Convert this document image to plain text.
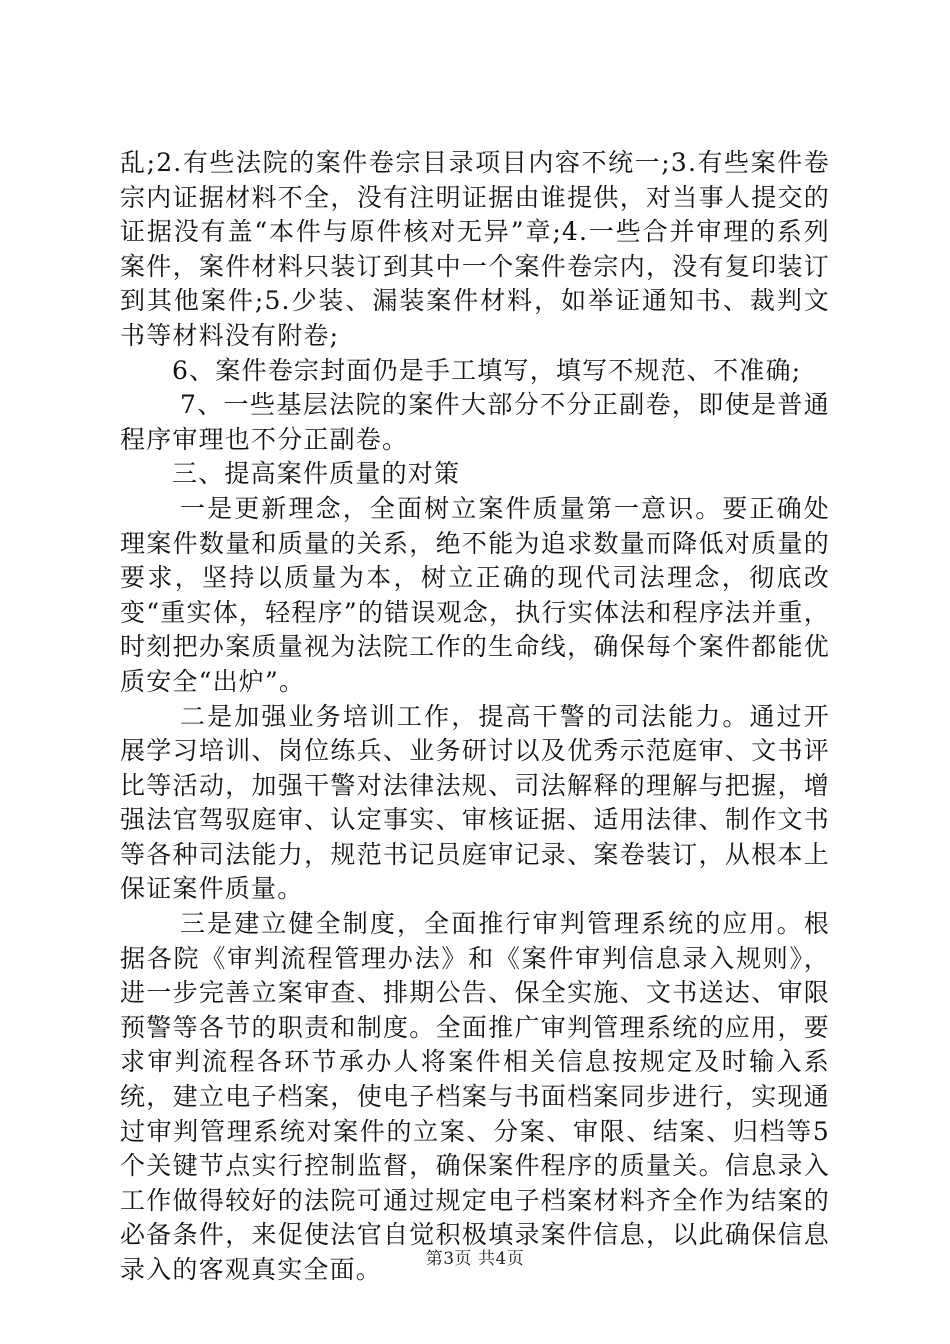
乱;2.有些法院的案件卷宗目录项目内容不统一;3.有些案件卷宗内证据材料不全，没有注明证据由谁提供，对当事人提交的证据没有盖“本件与原件核对无异”章;4.一些合并审理的系列案件，案件材料只装订到其中一个案件卷宗内，没有复印装订到其他案件;5.少装、漏装案件材料，如举证通知书、裁判文书等材料没有附卷;

6、案件卷宗封面仍是手工填写，填写不规范、不准确;

7、一些基层法院的案件大部分不分正副卷，即使是普通程序审理也不分正副卷。

三、提高案件质量的对策

一是更新理念，全面树立案件质量第一意识。要正确处理案件数量和质量的关系，绝不能为追求数量而降低对质量的要求，坚持以质量为本，树立正确的现代司法理念，彻底改变“重实体，轻程序”的错误观念，执行实体法和程序法并重，时刻把办案质量视为法院工作的生命线，确保每个案件都能优质安全“出炉”。

二是加强业务培训工作，提高干警的司法能力。通过开展学习培训、岗位练兵、业务研讨以及优秀示范庭审、文书评比等活动，加强干警对法律法规、司法解释的理解与把握，增强法官驾驭庭审、认定事实、审核证据、适用法律、制作文书等各种司法能力，规范书记员庭审记录、案卷装订，从根本上保证案件质量。

三是建立健全制度，全面推行审判管理系统的应用。根据各院《审判流程管理办法》和《案件审判信息录入规则》，进一步完善立案审查、排期公告、保全实施、文书送达、审限预警等各节的职责和制度。全面推广审判管理系统的应用，要求审判流程各环节承办人将案件相关信息按规定及时输入系统，建立电子档案，使电子档案与书面档案同步进行，实现通过审判管理系统对案件的立案、分案、审限、结案、归档等5个关键节点实行控制监督，确保案件程序的质量关。信息录入工作做得较好的法院可通过规定电子档案材料齐全作为结案的必备条件，来促使法官自觉积极填录案件信息，以此确保信息录入的客观真实全面。	第3页 共4页
